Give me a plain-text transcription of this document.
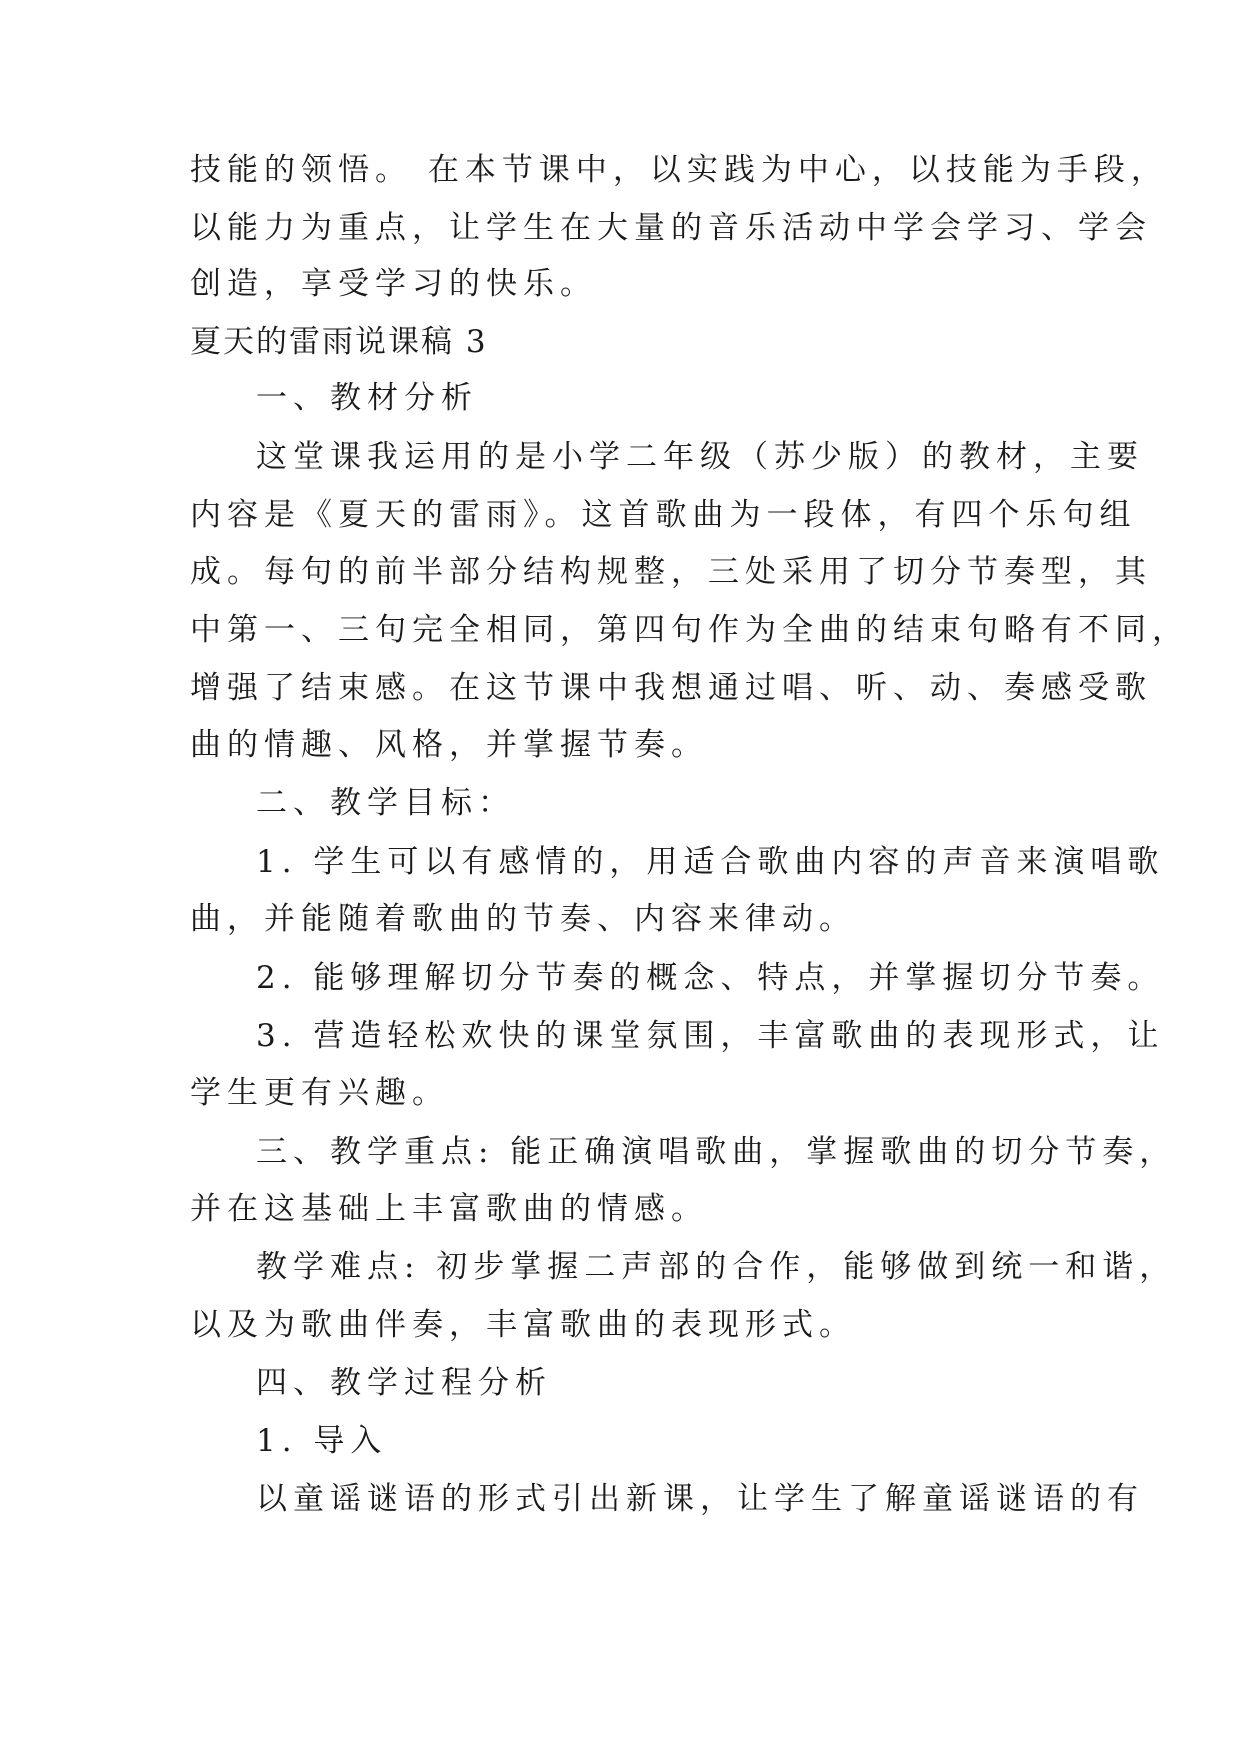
技能的领悟。 在本节课中，以实践为中心，以技能为手段，
以能力为重点，让学生在大量的音乐活动中学会学习、学会
创造，享受学习的快乐。
夏天的雷雨说课稿 3
一、教材分析
这堂课我运用的是小学二年级（苏少版）的教材，主要
内容是《夏天的雷雨》。这首歌曲为一段体，有四个乐句组
成。每句的前半部分结构规整，三处采用了切分节奏型，其
中第一、三句完全相同，第四句作为全曲的结束句略有不同，
增强了结束感。在这节课中我想通过唱、听、动、奏感受歌
曲的情趣、风格，并掌握节奏。
二、教学目标：
1. 学生可以有感情的，用适合歌曲内容的声音来演唱歌
曲，并能随着歌曲的节奏、内容来律动。
2. 能够理解切分节奏的概念、特点，并掌握切分节奏。
3. 营造轻松欢快的课堂氛围，丰富歌曲的表现形式，让
学生更有兴趣。
三、教学重点: 能正确演唱歌曲，掌握歌曲的切分节奏，
并在这基础上丰富歌曲的情感。
教学难点: 初步掌握二声部的合作，能够做到统一和谐，
以及为歌曲伴奏，丰富歌曲的表现形式。
四、教学过程分析
1. 导入
以童谣谜语的形式引出新课，让学生了解童谣谜语的有
